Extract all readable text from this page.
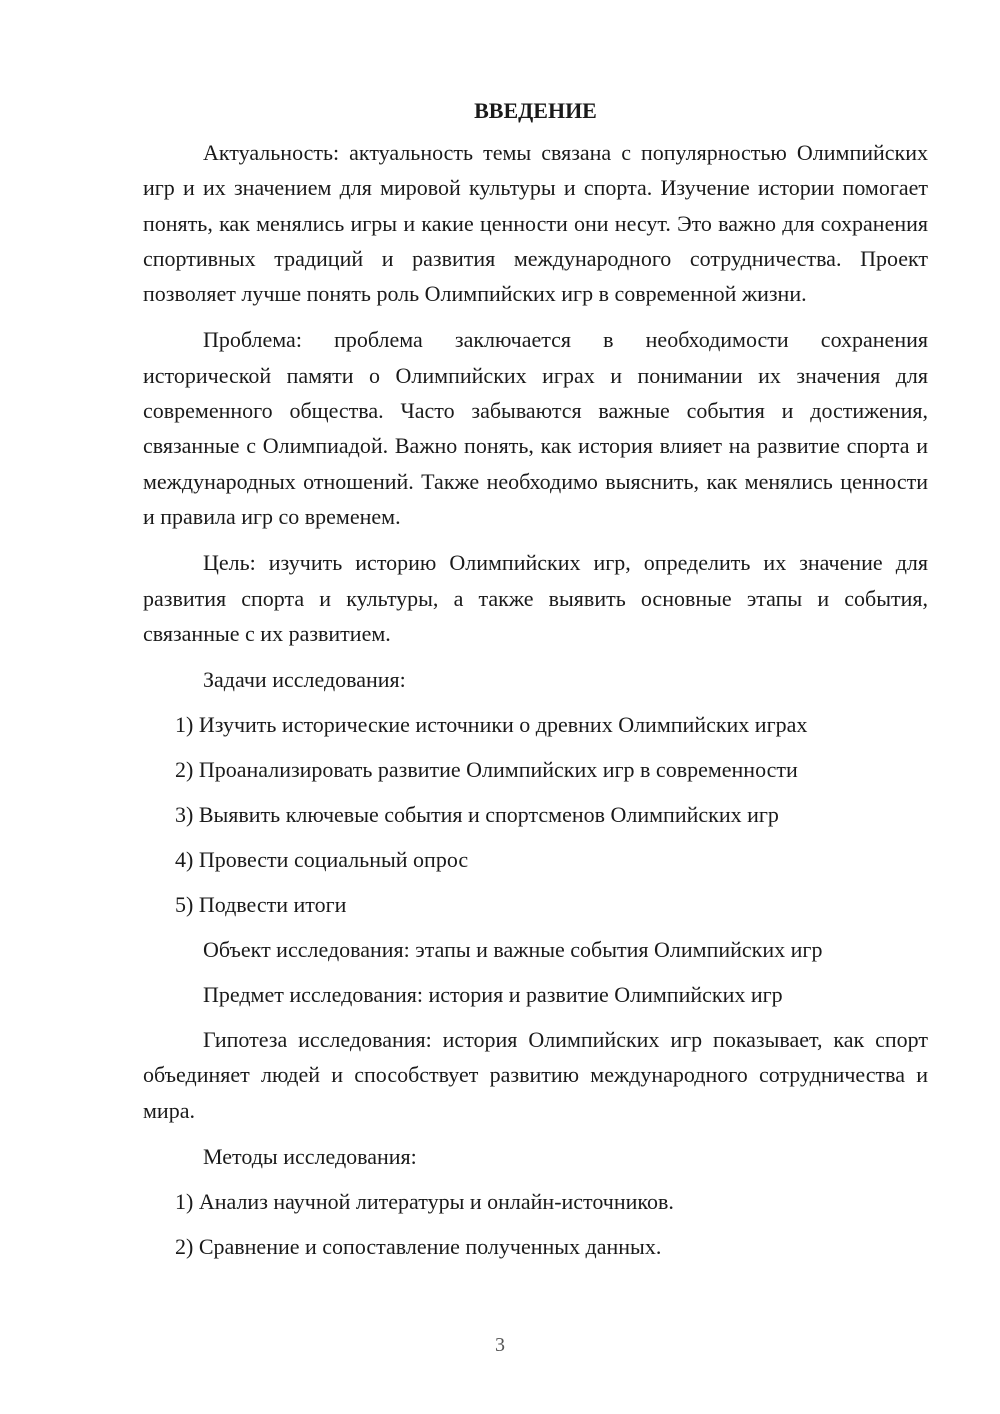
ВВЕДЕНИЕ
Актуальность: актуальность темы связана с популярностью Олимпийских игр и их значением для мировой культуры и спорта. Изучение истории помогает понять, как менялись игры и какие ценности они несут. Это важно для сохранения спортивных традиций и развития международного сотрудничества. Проект позволяет лучше понять роль Олимпийских игр в современной жизни.
Проблема: проблема заключается в необходимости сохранения исторической памяти о Олимпийских играх и понимании их значения для современного общества. Часто забываются важные события и достижения, связанные с Олимпиадой. Важно понять, как история влияет на развитие спорта и международных отношений. Также необходимо выяснить, как менялись ценности и правила игр со временем.
Цель: изучить историю Олимпийских игр, определить их значение для развития спорта и культуры, а также выявить основные этапы и события, связанные с их развитием.
Задачи исследования:
1) Изучить исторические источники о древних Олимпийских играх
2) Проанализировать развитие Олимпийских игр в современности
3) Выявить ключевые события и спортсменов Олимпийских игр
4) Провести социальный опрос
5) Подвести итоги
Объект исследования: этапы и важные события Олимпийских игр
Предмет исследования: история и развитие Олимпийских игр
Гипотеза исследования: история Олимпийских игр показывает, как спорт объединяет людей и способствует развитию международного сотрудничества и мира.
Методы исследования:
1) Анализ научной литературы и онлайн-источников.
2) Сравнение и сопоставление полученных данных.
3
